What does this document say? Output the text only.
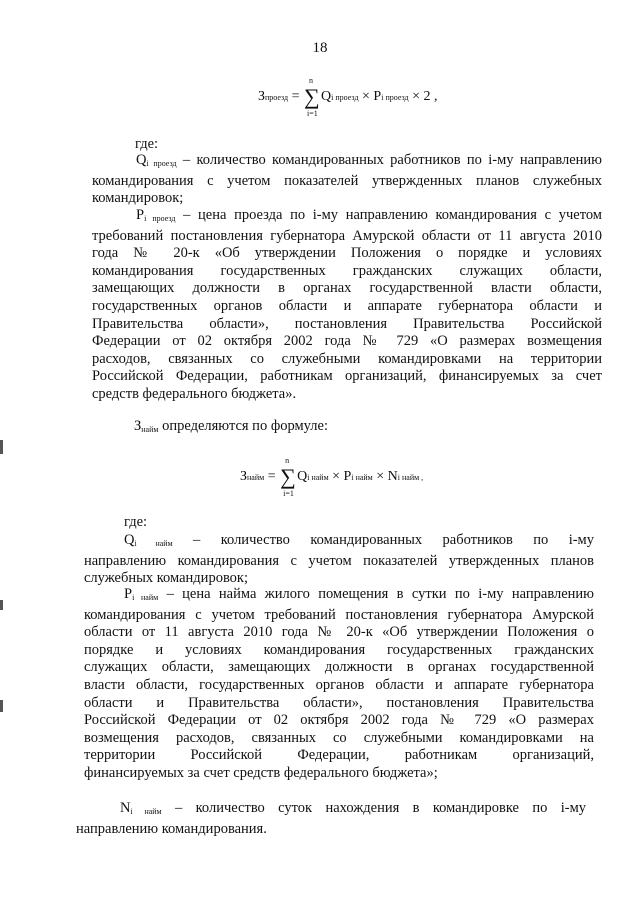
18
З проезд =
n
∑
i=1
Q i проезд × P i проезд × 2 ,
где:
$Q_{i проезд}$ – количество командированных работников по i-му направлению
командирования с учетом показателей утвержденных планов служебных
командировок;
$P_{i проезд}$ – цена проезда по i-му направлению командирования с учетом
требований постановления губернатора Амурской области от 11 августа 2010
года № 20-к «Об утверждении Положения о порядке и условиях
командирования государственных гражданских служащих области,
замещающих должности в органах государственной власти области,
государственных органов области и аппарате губернатора области и
Правительства области», постановления Правительства Российской
Федерации от 02 октября 2002 года № 729 «О размерах возмещения
расходов, связанных со служебными командировками на территории
Российской Федерации, работникам организаций, финансируемых за счет
средств федерального бюджета».
$З_{найм}$ определяются по формуле:
З найм =
n
∑
i=1
Q i найм × P i найм × N i найм ,
где:
$Q_{i найм}$ – количество командированных работников по i-му
направлению командирования с учетом показателей утвержденных планов
служебных командировок;
$P_{i найм}$ – цена найма жилого помещения в сутки по i-му направлению
командирования с учетом требований постановления губернатора Амурской
области от 11 августа 2010 года № 20-к «Об утверждении Положения о
порядке и условиях командирования государственных гражданских
служащих области, замещающих должности в органах государственной
власти области, государственных органов области и аппарате губернатора
области и Правительства области», постановления Правительства
Российской Федерации от 02 октября 2002 года № 729 «О размерах
возмещения расходов, связанных со служебными командировками на
территории Российской Федерации, работникам организаций,
финансируемых за счет средств федерального бюджета»;
$N_{i найм}$ – количество суток нахождения в командировке по i-му
направлению командирования.
